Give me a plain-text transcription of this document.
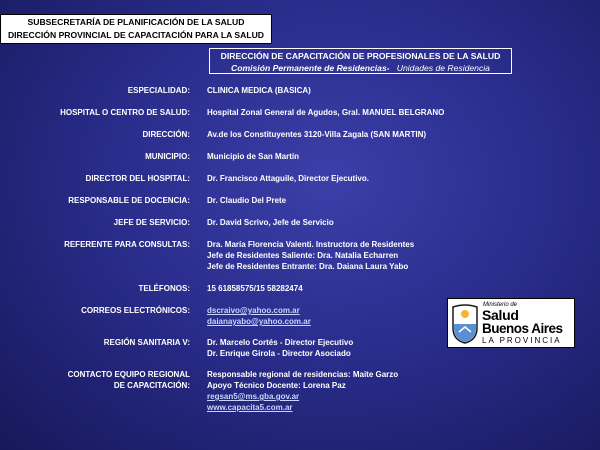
SUBSECRETARÍA DE PLANIFICACIÓN DE LA SALUD
DIRECCIÓN PROVINCIAL DE CAPACITACIÓN PARA LA SALUD
DIRECCIÓN DE CAPACITACIÓN DE PROFESIONALES DE LA SALUD
Comisión Permanente de Residencias- Unidades de Residencia
ESPECIALIDAD: CLINICA MEDICA (BASICA)
HOSPITAL O CENTRO DE SALUD: Hospital Zonal General de Agudos, Gral. MANUEL BELGRANO
DIRECCIÓN: Av.de los Constituyentes 3120-Villa Zagala (SAN MARTIN)
MUNICIPIO: Municipio de San Martín
DIRECTOR DEL HOSPITAL: Dr. Francisco Attaguile, Director Ejecutivo.
RESPONSABLE DE DOCENCIA: Dr. Claudio Del Prete
JEFE DE SERVICIO: Dr. David Scrivo, Jefe de Servicio
REFERENTE PARA CONSULTAS: Dra. María Florencia Valenti. Instructora de Residentes
Jefe de Residentes Saliente: Dra. Natalia Echarren
Jefe de Residentes Entrante: Dra. Daiana Laura Yabo
TELÉFONOS: 15 61858575/15 58282474
CORREOS ELECTRÓNICOS: dscraivo@yahoo.com.ar
daianayabo@yahoo.com.ar
REGIÓN SANITARIA V: Dr. Marcelo Cortés - Director Ejecutivo
Dr. Enrique Girola - Director Asociado
CONTACTO EQUIPO REGIONAL
DE CAPACITACIÓN:
Responsable regional de residencias: Maite Garzo
Apoyo Técnico Docente: Lorena Paz
regsan5@ms.gba.gov.ar
www.capacita5.com.ar
Ministerio de
Salud
Buenos Aires
LA PROVINCIA
